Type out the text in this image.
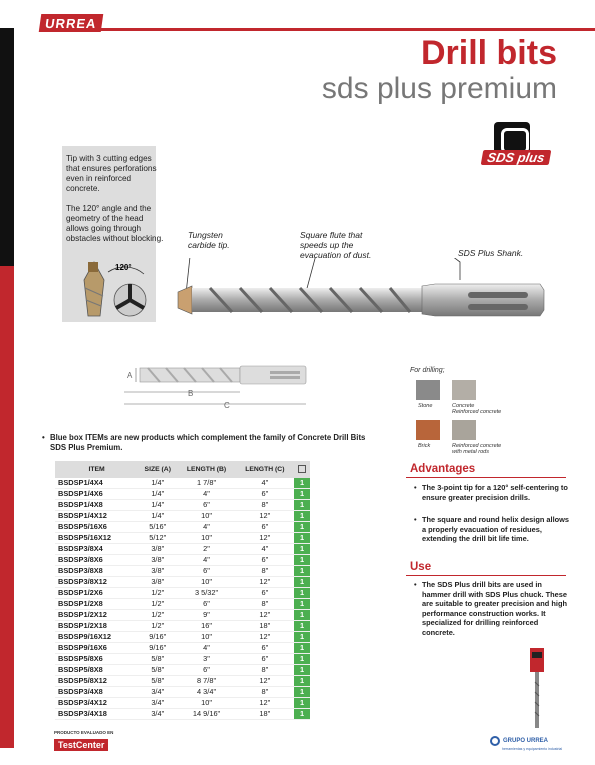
URREA
Drill bits
sds plus premium
SDS plus
Tip with 3 cutting edges that ensures perforations even in reinforced concrete.
The 120° angle and the geometry of the head allows going through obstacles without blocking.
120°
Tungsten carbide tip.
Square flute that speeds up the evacuation of dust.	SDS Plus Shank.
A
B
C
For drilling;
Stone	Concrete Reinforced concrete
Brick	Reinforced concrete with metal rods
• Blue box ITEMs are new products which complement the family of Concrete Drill Bits SDS Plus Premium.
ITEM	SIZE (A)	LENGTH (B)	LENGTH (C)	
BSDSP1/4X4	1/4"	1 7/8"	4"	1
BSDSP1/4X6	1/4"	4"	6"	1
BSDSP1/4X8	1/4"	6"	8"	1
BSDSP1/4X12	1/4"	10"	12"	1
BSDSP5/16X6	5/16"	4"	6"	1
BSDSP5/16X12	5/12"	10"	12"	1
BSDSP3/8X4	3/8"	2"	4"	1
BSDSP3/8X6	3/8"	4"	6"	1
BSDSP3/8X8	3/8"	6"	8"	1
BSDSP3/8X12	3/8"	10"	12"	1
BSDSP1/2X6	1/2"	3 5/32"	6"	1
BSDSP1/2X8	1/2"	6"	8"	1
BSDSP1/2X12	1/2"	9"	12"	1
BSDSP1/2X18	1/2"	16"	18"	1
BSDSP9/16X12	9/16"	10"	12"	1
BSDSP9/16X6	9/16"	4"	6"	1
BSDSP5/8X6	5/8"	3"	6"	1
BSDSP5/8X8	5/8"	6"	8"	1
BSDSP5/8X12	5/8"	8 7/8"	12"	1
BSDSP3/4X8	3/4"	4 3/4"	8"	1
BSDSP3/4X12	3/4"	10"	12"	1
BSDSP3/4X18	3/4"	14 9/16"	18"	1
Advantages
• The 3-point tip for a 120° self-centering to ensure greater precision drills.
• The square and round helix design allows a properly evacuation of residues, extending the drill bit life time.
Use
• The SDS Plus drill bits are used in hammer drill with SDS Plus chuck. These are suitable to greater precision and high performance construction works. It specialized for drilling reinforced concrete.
PRODUCTO EVALUADO EN
TestCenter	GRUPO URREA
herramientas y equipamiento industrial
